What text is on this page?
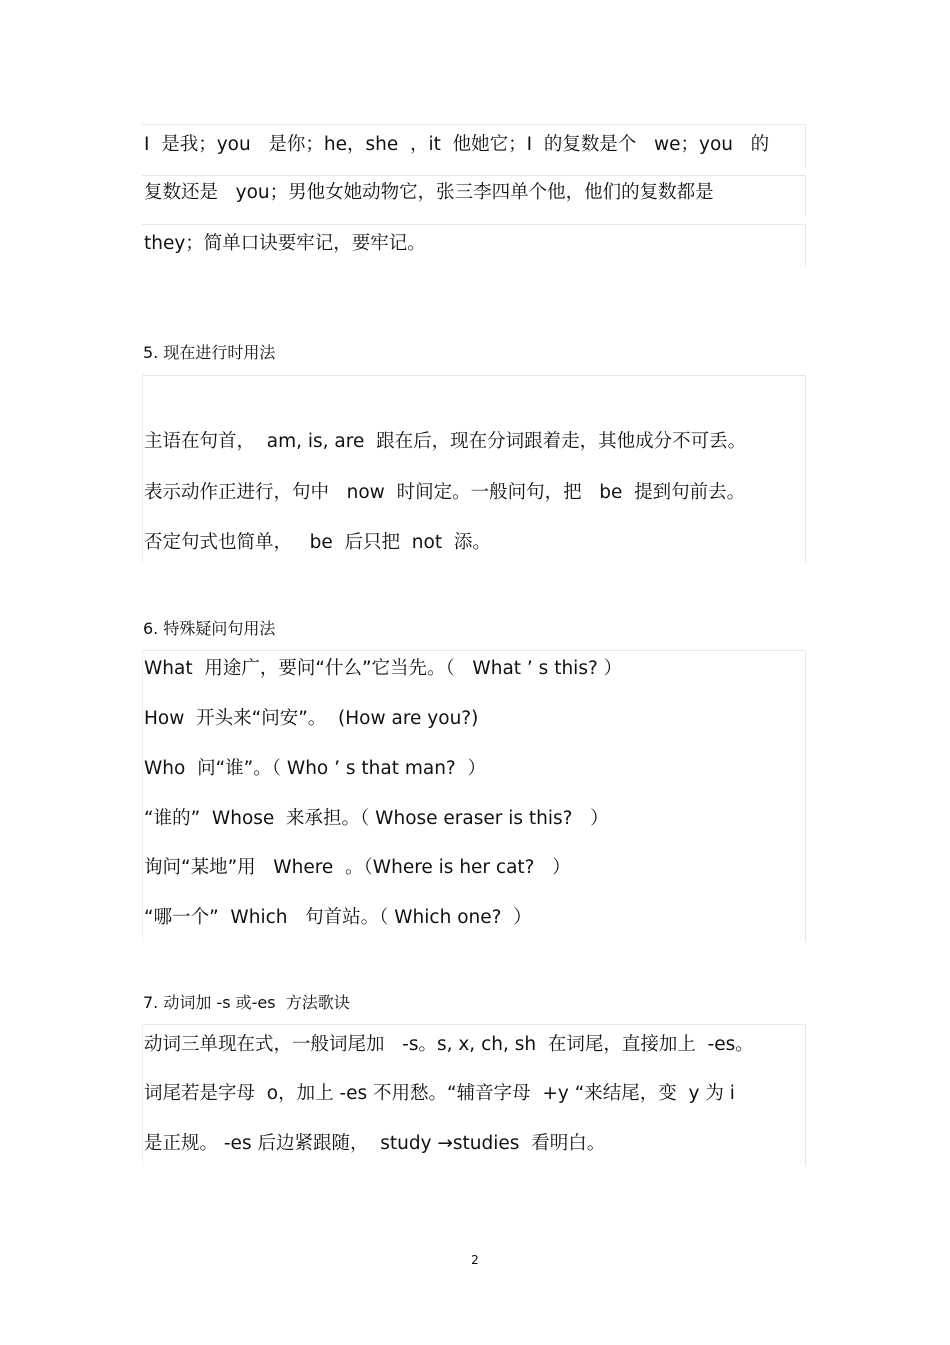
I  是我；you   是你；he，she  ，it  他她它；I  的复数是个   we；you   的
复数还是   you；男他女她动物它，张三李四单个他，他们的复数都是
they；简单口诀要牢记，要牢记。
5. 现在进行时用法
主语在句首，  am, is, are  跟在后，现在分词跟着走，其他成分不可丢。
表示动作正进行，句中   now  时间定。一般问句，把   be  提到句前去。
否定句式也简单，   be  后只把  not  添。
6. 特殊疑问句用法
What  用途广，要问“什么”它当先。（   What ’ s this? ）
How  开头来“问安”。  (How are you?)
Who  问“谁”。（ Who ’ s that man?  ）
“谁的”  Whose  来承担。（ Whose eraser is this?   ）
询问“某地”用   Where  。（Where is her cat?   ）
“哪一个”  Which   句首站。（ Which one?  ）
7. 动词加 -s 或-es  方法歌诀
动词三单现在式，一般词尾加   -s。s, x, ch, sh  在词尾，直接加上  -es。
词尾若是字母  o，加上 -es 不用愁。“辅音字母  +y “来结尾，变  y 为 i
是正规。 -es 后边紧跟随，  study →studies  看明白。
2
